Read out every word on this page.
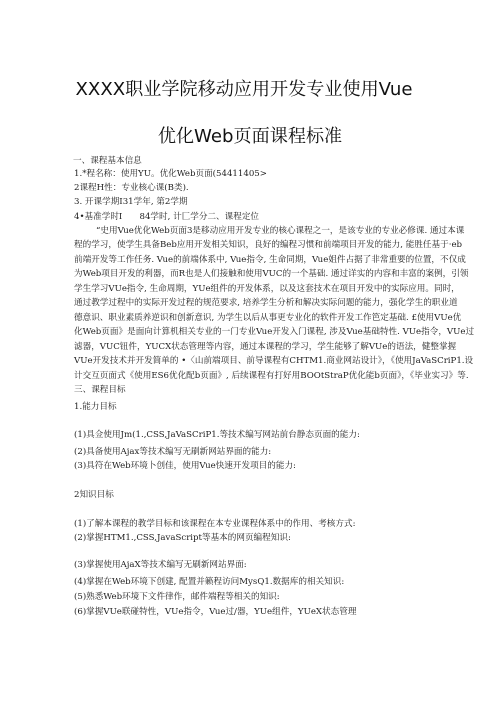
XXXX职业学院移动应用开发专业使用Vue
优化Web页面课程标准
一、课程基本信息
1.*程名称：使用YU。优化Web页面(54411405>
2课程H性：专业核心课(B类).
3. 开课学期I31学年, 第2学期
4•基准学时I　　84学时, 计匚学分二、课程定位
“史用Vue优化Web页面3是移动应用开发专业的核心课程之一，是该专业的专业必修课. 通过本课
程的学习，使学生具备Beb应用开发相关知识，良好的编程习惯和前端项目开发的能力, 能胜任基于·eb
前端开发等工作任务. Vue的前端体系中, Vue指令, 生命同期，Vue姐件占据了非常重要的位置，不仅成
为Web项目开发的利器，而R也是人们接触和使用VUC的一个基础. 通过详实的内容和丰富的案例，引领
学生学习VUe指令, 生命周期，YUe组件的开发体系，以及这套技术在项目开发中的实际应用。同时，
通过教学过程中的实际开发过程的规范要求, 培养学生分析和解决实际问题的能力，强化学生的职业道
德意识、职业素质养逆识和创新意识, 为学生以后从事更专业化的软件开发工作笆定基础. £使用VUe优
化Web页面》是面向计算机相关专业的一门专业Vue开发入门课程, 涉及Vue基础特性. VUe指令，VUe过
滤器，VUC钮件，YUCX状态管理等内容，通过本课程的学习，学生能够了解VUe的语法，健整掌握
VUe开发技术并开发简单的 •〈山前端项目、前导课程有CHTM1.商业网站设计》，《使用JaVaSCriP1.设
计交互页面式《使用ES6优化配b页面》, 后续课程有打好用BOOtStraP优化能b页面》，《毕业实习》等.
三、课程目标
1.能力目标
(1)具佥使用Jm(1.,CSS,JaVaSCriP1.等技术编写网站前台静态页面的能力:
(2)具备使用Ajax等技术编写无刷新网站界面的能力:
(3)具符在Web环境卜创佳，使用Vue快速开发项目的能力:
2知识目标
(1)了解本课程的教学目标和该课程在本专业课程体系中的作用、考核方式:
(2)掌握HTM1.,CSS,JavaScript等基本的网页编程知识:
(3)掌握使用AjaX等技术编写无刷新网站界面:
(4)掌握在Web环境下创建, 配置并籁程访问MysQ1.数据库的相关知识:
(5)熟悉Web环境下文件律作，邮件端程等相关的知识:
(6)掌握VUe联碰特性，VUe指令，Vue过/器，YUe组件，YUeX状态管理
